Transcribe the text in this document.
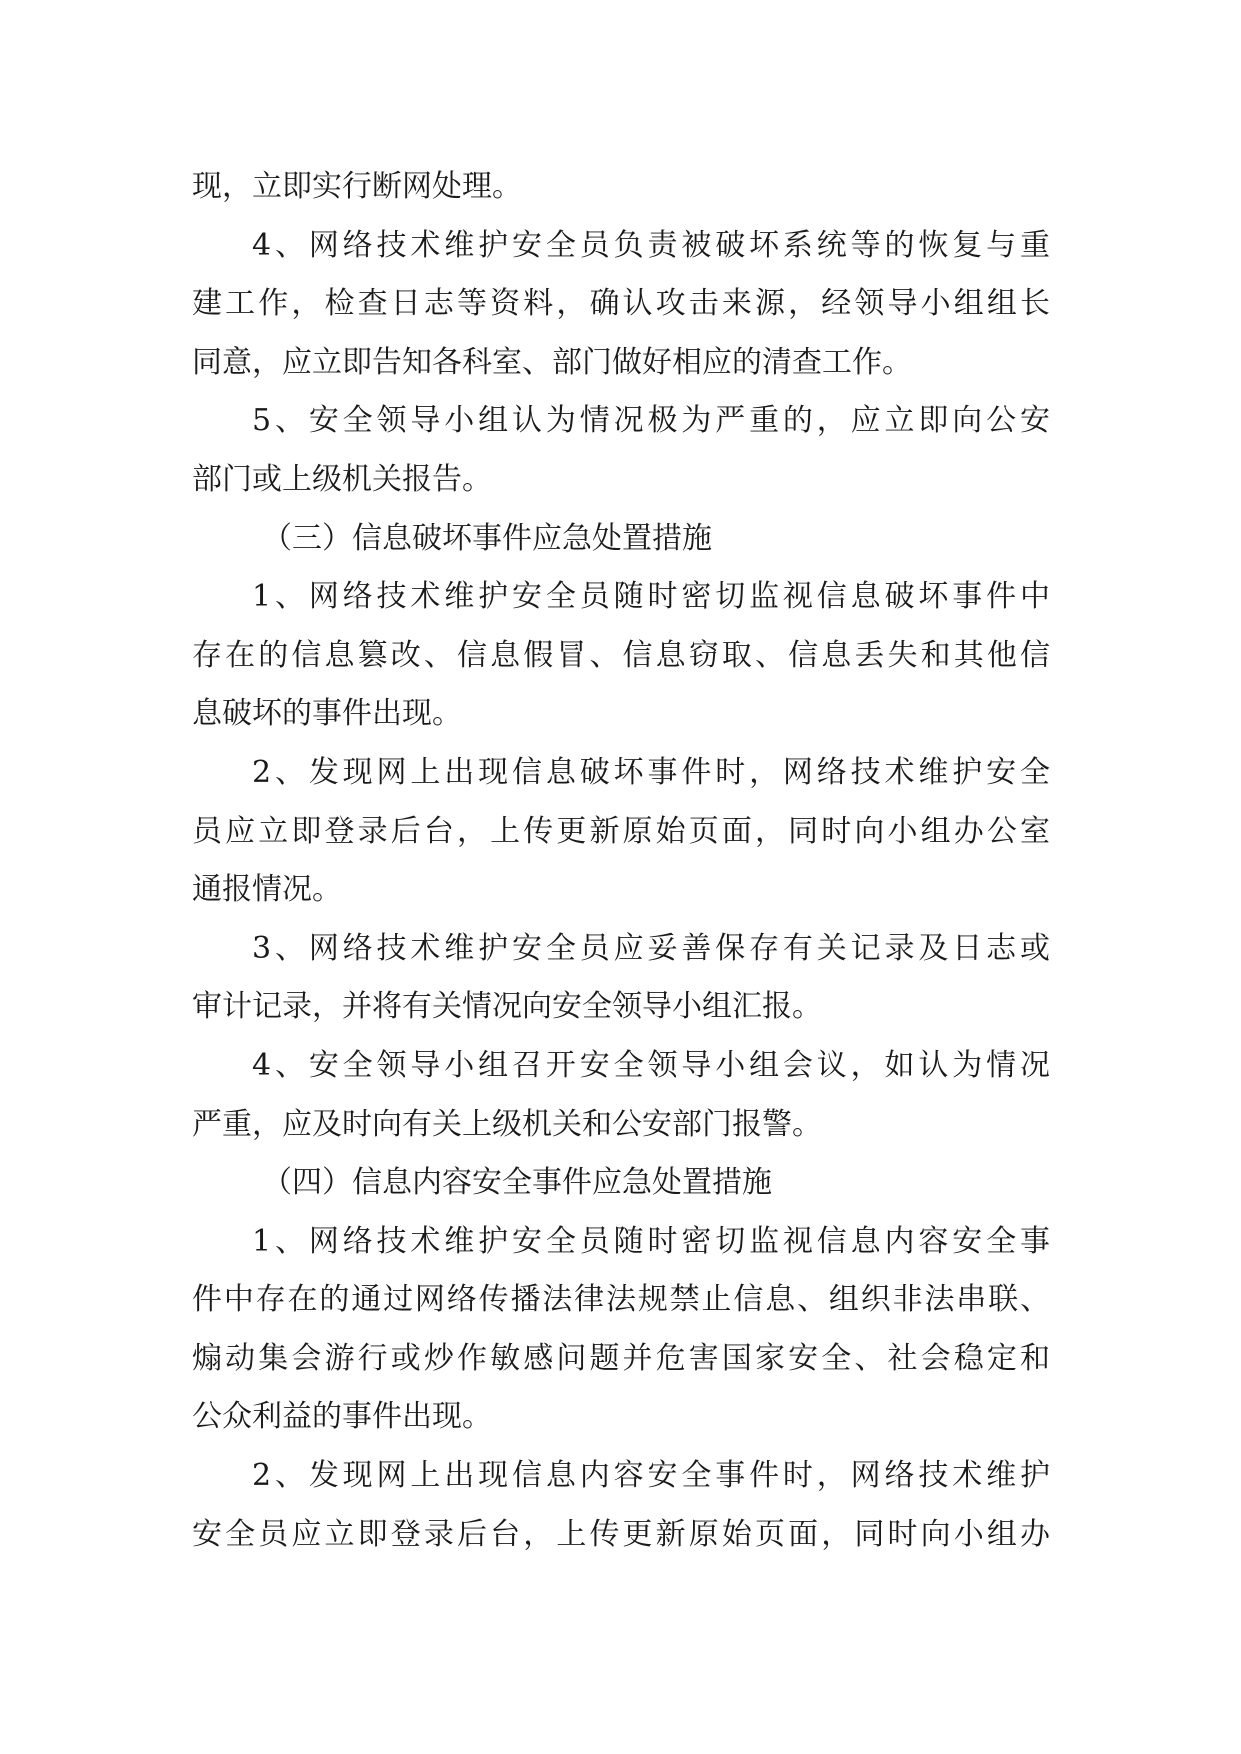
现，立即实行断网处理。
4、网络技术维护安全员负责被破坏系统等的恢复与重
建工作，检查日志等资料，确认攻击来源，经领导小组组长
同意，应立即告知各科室、部门做好相应的清查工作。
5、安全领导小组认为情况极为严重的，应立即向公安
部门或上级机关报告。
（三）信息破坏事件应急处置措施
1、网络技术维护安全员随时密切监视信息破坏事件中
存在的信息篡改、信息假冒、信息窃取、信息丢失和其他信
息破坏的事件出现。
2、发现网上出现信息破坏事件时，网络技术维护安全
员应立即登录后台，上传更新原始页面，同时向小组办公室
通报情况。
3、网络技术维护安全员应妥善保存有关记录及日志或
审计记录，并将有关情况向安全领导小组汇报。
4、安全领导小组召开安全领导小组会议，如认为情况
严重，应及时向有关上级机关和公安部门报警。
（四）信息内容安全事件应急处置措施
1、网络技术维护安全员随时密切监视信息内容安全事
件中存在的通过网络传播法律法规禁止信息、组织非法串联、
煽动集会游行或炒作敏感问题并危害国家安全、社会稳定和
公众利益的事件出现。
2、发现网上出现信息内容安全事件时，网络技术维护
安全员应立即登录后台，上传更新原始页面，同时向小组办
